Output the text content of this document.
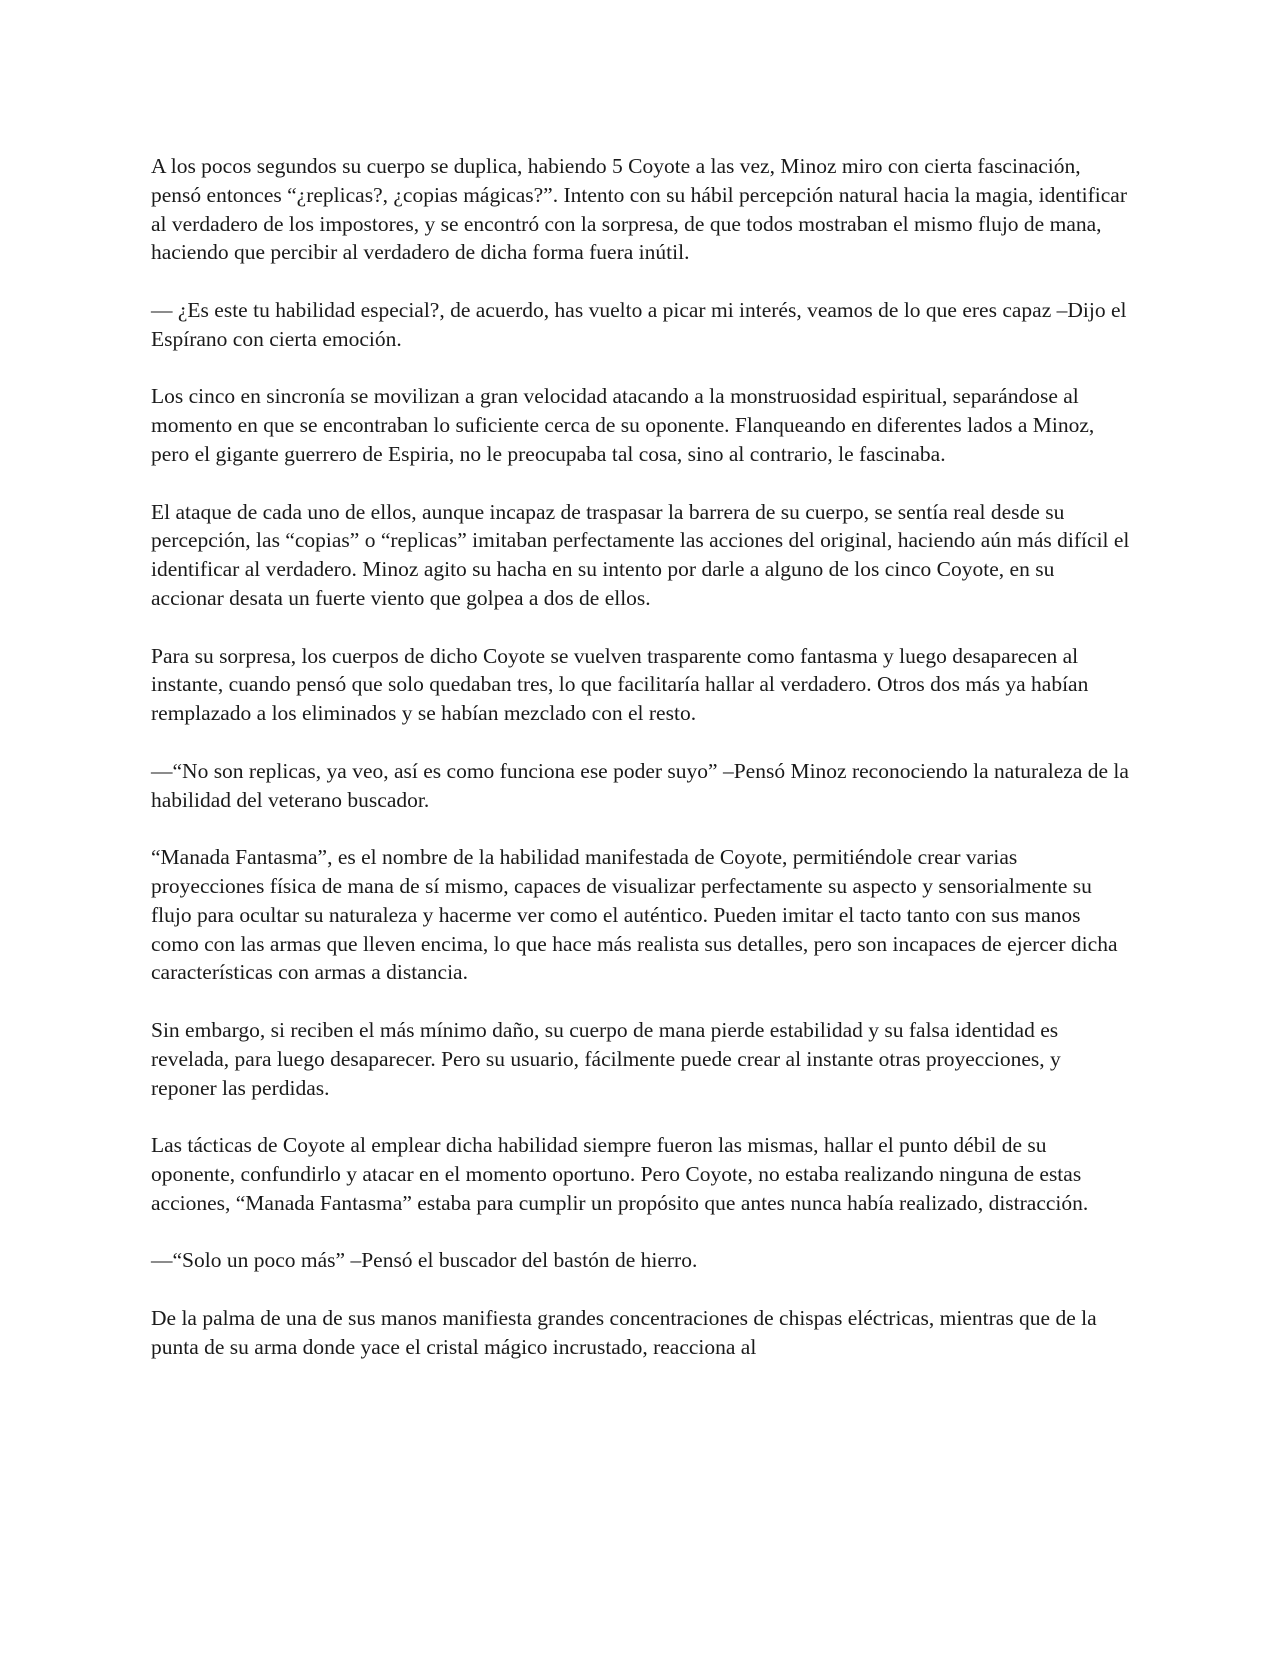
A los pocos segundos su cuerpo se duplica, habiendo 5 Coyote a las vez, Minoz miro con cierta fascinación, pensó entonces “¿replicas?, ¿copias mágicas?”. Intento con su hábil percepción natural hacia la magia, identificar al verdadero de los impostores, y se encontró con la sorpresa, de que todos mostraban el mismo flujo de mana, haciendo que percibir al verdadero de dicha forma fuera inútil.

— ¿Es este tu habilidad especial?, de acuerdo, has vuelto a picar mi interés, veamos de lo que eres capaz –Dijo el Espírano con cierta emoción.

Los cinco en sincronía se movilizan a gran velocidad atacando a la monstruosidad espiritual, separándose al momento en que se encontraban lo suficiente cerca de su oponente. Flanqueando en diferentes lados a Minoz, pero el gigante guerrero de Espiria, no le preocupaba tal cosa, sino al contrario, le fascinaba.

El ataque de cada uno de ellos, aunque incapaz de traspasar la barrera de su cuerpo, se sentía real desde su percepción, las “copias” o “replicas” imitaban perfectamente las acciones del original, haciendo aún más difícil el identificar al verdadero. Minoz agito su hacha en su intento por darle a alguno de los cinco Coyote, en su accionar desata un fuerte viento que golpea a dos de ellos.

Para su sorpresa, los cuerpos de dicho Coyote se vuelven trasparente como fantasma y luego desaparecen al instante, cuando pensó que solo quedaban tres, lo que facilitaría hallar al verdadero. Otros dos más ya habían remplazado a los eliminados y se habían mezclado con el resto.

—“No son replicas, ya veo, así es como funciona ese poder suyo” –Pensó Minoz reconociendo la naturaleza de la habilidad del veterano buscador.

“Manada Fantasma”, es el nombre de la habilidad manifestada de Coyote, permitiéndole crear varias proyecciones física de mana de sí mismo, capaces de visualizar perfectamente su aspecto y sensorialmente su flujo para ocultar su naturaleza y hacerme ver como el auténtico. Pueden imitar el tacto tanto con sus manos como con las armas que lleven encima, lo que hace más realista sus detalles, pero son incapaces de ejercer dicha características con armas a distancia.

Sin embargo, si reciben el más mínimo daño, su cuerpo de mana pierde estabilidad y su falsa identidad es revelada, para luego desaparecer. Pero su usuario, fácilmente puede crear al instante otras proyecciones, y reponer las perdidas.

Las tácticas de Coyote al emplear dicha habilidad siempre fueron las mismas, hallar el punto débil de su oponente, confundirlo y atacar en el momento oportuno. Pero Coyote, no estaba realizando ninguna de estas acciones, “Manada Fantasma” estaba para cumplir un propósito que antes nunca había realizado, distracción.

—“Solo un poco más” –Pensó el buscador del bastón de hierro.

De la palma de una de sus manos manifiesta grandes concentraciones de chispas eléctricas, mientras que de la punta de su arma donde yace el cristal mágico incrustado, reacciona al
